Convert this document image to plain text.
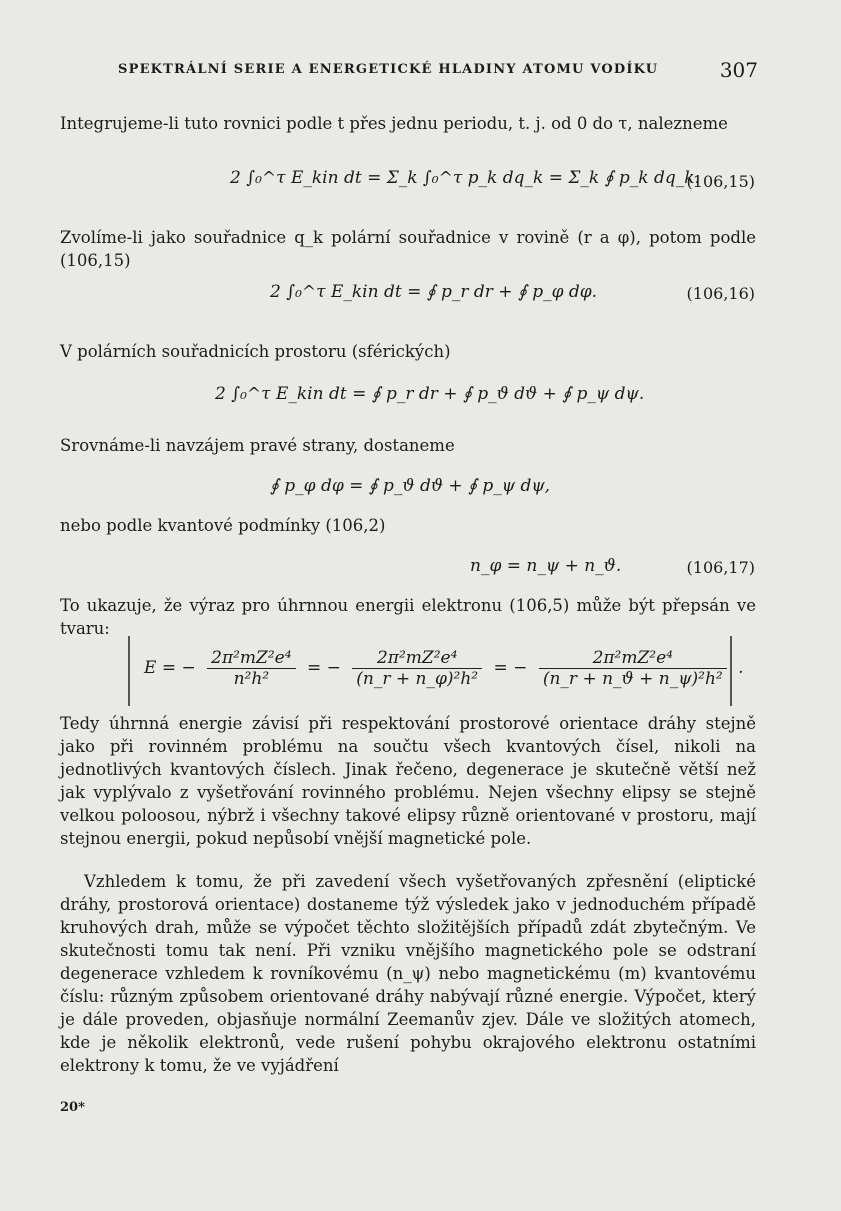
SPEKTRÁLNÍ SERIE A ENERGETICKÉ HLADINY ATOMU VODÍKU	307
Integrujeme-li tuto rovnici podle t přes jednu periodu, t. j. od 0 do τ, nalezneme
2 ∫₀^τ E_kin dt = Σ_k ∫₀^τ p_k dq_k = Σ_k ∮ p_k dq_k.
(106,15)
Zvolíme-li jako souřadnice q_k polární souřadnice v rovině (r a φ), potom podle (106,15)
2 ∫₀^τ E_kin dt = ∮ p_r dr + ∮ p_φ dφ.	(106,16)
V polárních souřadnicích prostoru (sférických)
2 ∫₀^τ E_kin dt = ∮ p_r dr + ∮ p_ϑ dϑ + ∮ p_ψ dψ.
Srovnáme-li navzájem pravé strany, dostaneme
∮ p_φ dφ = ∮ p_ϑ dϑ + ∮ p_ψ dψ,
nebo podle kvantové podmínky (106,2)
n_φ = n_ψ + n_ϑ.	(106,17)
To ukazuje, že výraz pro úhrnnou energii elektronu (106,5) může být přepsán ve tvaru:
E = − $\frac{\text{2π²mZ²e⁴}}{\text{n²h²}}$ = − $\frac{\text{2π²mZ²e⁴}}{\text{(n\_r + n\_φ)²h²}}$ = − $\frac{\text{2π²mZ²e⁴}}{\text{(n\_r + n\_ϑ + n\_ψ)²h²}}$ .
Tedy úhrnná energie závisí při respektování prostorové orientace dráhy stejně jako při rovinném problému na součtu všech kvantových čísel, nikoli na jednotlivých kvantových číslech. Jinak řečeno, degenerace je skutečně větší než jak vyplývalo z vyšetřování rovinného problému. Nejen všechny elipsy se stejně velkou poloosou, nýbrž i všechny takové elipsy různě orientované v prostoru, mají stejnou energii, pokud nepůsobí vnější magnetické pole.
Vzhledem k tomu, že při zavedení všech vyšetřovaných zpřesnění (eliptické dráhy, prostorová orientace) dostaneme týž výsledek jako v jednoduchém případě kruhových drah, může se výpočet těchto složitějších případů zdát zbytečným. Ve skutečnosti tomu tak není. Při vzniku vnějšího magnetického pole se odstraní degenerace vzhledem k rovníkovému (n_ψ) nebo magnetickému (m) kvantovému číslu: různým způsobem orientované dráhy nabývají různé energie. Výpočet, který je dále proveden, objasňuje normální Zeemanův zjev. Dále ve složitých atomech, kde je několik elektronů, vede rušení pohybu okrajového elektronu ostatními elektrony k tomu, že ve vyjádření
20*
